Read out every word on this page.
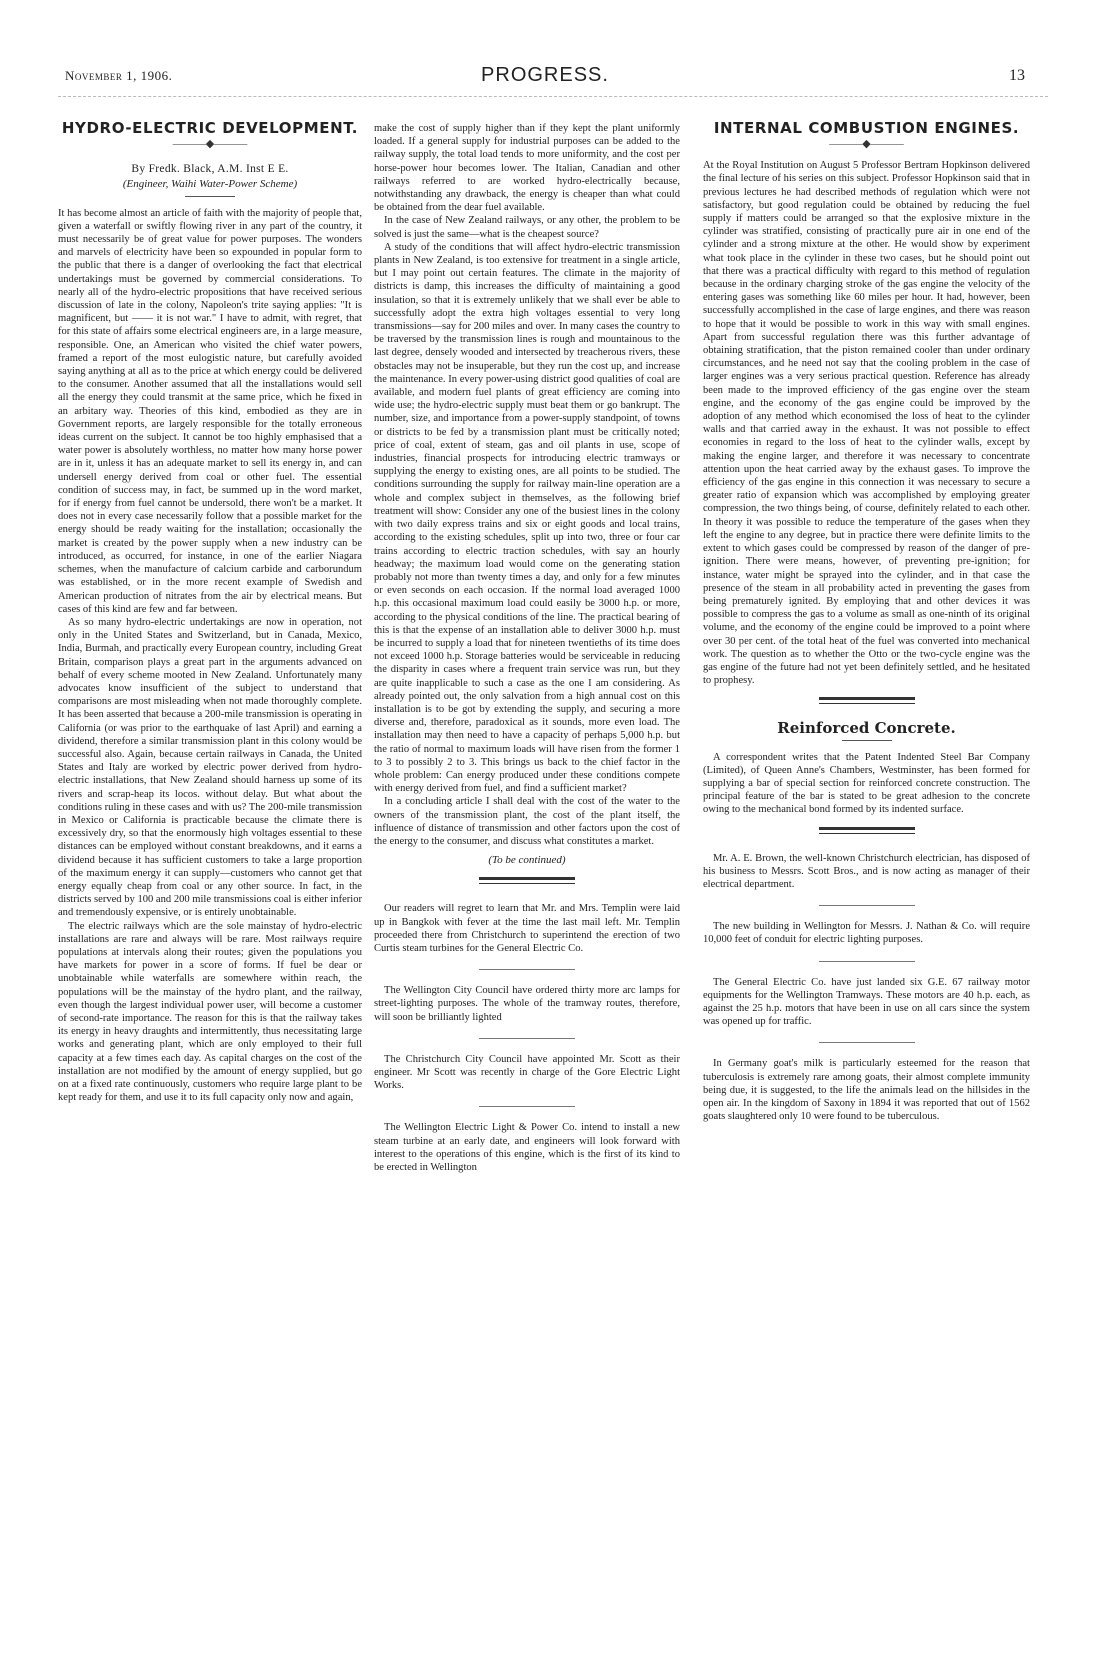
November 1, 1906.	PROGRESS.	13
HYDRO-ELECTRIC DEVELOPMENT.
———◆———
By Fredk. Black, A.M. Inst E E.
(Engineer, Waihi Water-Power Scheme)

It has become almost an article of faith with the majority of people that, given a waterfall or swiftly flowing river in any part of the country, it must necessarily be of great value for power purposes. The wonders and marvels of electricity have been so expounded in popular form to the public that there is a danger of overlooking the fact that electrical undertakings must be governed by commercial considerations. To nearly all of the hydro-electric propositions that have received serious discussion of late in the colony, Napoleon's trite saying applies: "It is magnificent, but —— it is not war." I have to admit, with regret, that for this state of affairs some electrical engineers are, in a large measure, responsible. One, an American who visited the chief water powers, framed a report of the most eulogistic nature, but carefully avoided saying anything at all as to the price at which energy could be delivered to the consumer. Another assumed that all the installations would sell all the energy they could transmit at the same price, which he fixed in an arbitary way. Theories of this kind, embodied as they are in Government reports, are largely responsible for the totally erroneous ideas current on the subject. It cannot be too highly emphasised that a water power is absolutely worthless, no matter how many horse power are in it, unless it has an adequate market to sell its energy in, and can undersell energy derived from coal or other fuel. The essential condition of success may, in fact, be summed up in the word market, for if energy from fuel cannot be undersold, there won't be a market. It does not in every case necessarily follow that a possible market for the energy should be ready waiting for the installation; occasionally the market is created by the power supply when a new industry can be introduced, as occurred, for instance, in one of the earlier Niagara schemes, when the manufacture of calcium carbide and carborundum was established, or in the more recent example of Swedish and American production of nitrates from the air by electrical means. But cases of this kind are few and far between.

As so many hydro-electric undertakings are now in operation, not only in the United States and Switzerland, but in Canada, Mexico, India, Burmah, and practically every European country, including Great Britain, comparison plays a great part in the arguments advanced on behalf of every scheme mooted in New Zealand. Unfortunately many advocates know insufficient of the subject to understand that comparisons are most misleading when not made thoroughly complete. It has been asserted that because a 200-mile transmission is operating in California (or was prior to the earthquake of last April) and earning a dividend, therefore a similar transmission plant in this colony would be successful also. Again, because certain railways in Canada, the United States and Italy are worked by electric power derived from hydro-electric installations, that New Zealand should harness up some of its rivers and scrap-heap its locos. without delay. But what about the conditions ruling in these cases and with us? The 200-mile transmission in Mexico or California is practicable because the climate there is excessively dry, so that the enormously high voltages essential to these distances can be employed without constant breakdowns, and it earns a dividend because it has sufficient customers to take a large proportion of the maximum energy it can supply—customers who cannot get that energy equally cheap from coal or any other source. In fact, in the districts served by 100 and 200 mile transmissions coal is either inferior and tremendously expensive, or is entirely unobtainable.

The electric railways which are the sole mainstay of hydro-electric installations are rare and always will be rare. Most railways require populations at intervals along their routes; given the populations you have markets for power in a score of forms. If fuel be dear or unobtainable while waterfalls are somewhere within reach, the populations will be the mainstay of the hydro plant, and the railway, even though the largest individual power user, will become a customer of second-rate importance. The reason for this is that the railway takes its energy in heavy draughts and intermittently, thus necessitating large works and generating plant, which are only employed to their full capacity at a few times each day. As capital charges on the cost of the installation are not modified by the amount of energy supplied, but go on at a fixed rate continuously, customers who require large plant to be kept ready for them, and use it to its full capacity only now and again,

make the cost of supply higher than if they kept the plant uniformly loaded. If a general supply for industrial purposes can be added to the railway supply, the total load tends to more uniformity, and the cost per horse-power hour becomes lower. The Italian, Canadian and other railways referred to are worked hydro-electrically because, notwithstanding any drawback, the energy is cheaper than what could be obtained from the dear fuel available.

In the case of New Zealand railways, or any other, the problem to be solved is just the same—what is the cheapest source?

A study of the conditions that will affect hydro-electric transmission plants in New Zealand, is too extensive for treatment in a single article, but I may point out certain features. The climate in the majority of districts is damp, this increases the difficulty of maintaining a good insulation, so that it is extremely unlikely that we shall ever be able to successfully adopt the extra high voltages essential to very long transmissions—say for 200 miles and over. In many cases the country to be traversed by the transmission lines is rough and mountainous to the last degree, densely wooded and intersected by treacherous rivers, these obstacles may not be insuperable, but they run the cost up, and increase the maintenance. In every power-using district good qualities of coal are available, and modern fuel plants of great efficiency are coming into wide use; the hydro-electric supply must beat them or go bankrupt. The number, size, and importance from a power-supply standpoint, of towns or districts to be fed by a transmission plant must be critically noted; price of coal, extent of steam, gas and oil plants in use, scope of industries, financial prospects for introducing electric tramways or supplying the energy to existing ones, are all points to be studied. The conditions surrounding the supply for railway main-line operation are a whole and complex subject in themselves, as the following brief treatment will show: Consider any one of the busiest lines in the colony with two daily express trains and six or eight goods and local trains, according to the existing schedules, split up into two, three or four car trains according to electric traction schedules, with say an hourly headway; the maximum load would come on the generating station probably not more than twenty times a day, and only for a few minutes or even seconds on each occasion. If the normal load averaged 1000 h.p. this occasional maximum load could easily be 3000 h.p. or more, according to the physical conditions of the line. The practical bearing of this is that the expense of an installation able to deliver 3000 h.p. must be incurred to supply a load that for nineteen twentieths of its time does not exceed 1000 h.p. Storage batteries would be serviceable in reducing the disparity in cases where a frequent train service was run, but they are quite inapplicable to such a case as the one I am considering. As already pointed out, the only salvation from a high annual cost on this installation is to be got by extending the supply, and securing a more diverse and, therefore, paradoxical as it sounds, more even load. The installation may then need to have a capacity of perhaps 5,000 h.p. but the ratio of normal to maximum loads will have risen from the former 1 to 3 to possibly 2 to 3. This brings us back to the chief factor in the whole problem: Can energy produced under these conditions compete with energy derived from fuel, and find a sufficient market?

In a concluding article I shall deal with the cost of the water to the owners of the transmission plant, the cost of the plant itself, the influence of distance of transmission and other factors upon the cost of the energy to the consumer, and discuss what constitutes a market.

(To be continued)

Our readers will regret to learn that Mr. and Mrs. Templin were laid up in Bangkok with fever at the time the last mail left. Mr. Templin proceeded there from Christchurch to superintend the erection of two Curtis steam turbines for the General Electric Co.

The Wellington City Council have ordered thirty more arc lamps for street-lighting purposes. The whole of the tramway routes, therefore, will soon be brilliantly lighted

The Christchurch City Council have appointed Mr. Scott as their engineer. Mr Scott was recently in charge of the Gore Electric Light Works.

The Wellington Electric Light & Power Co. intend to install a new steam turbine at an early date, and engineers will look forward with interest to the operations of this engine, which is the first of its kind to be erected in Wellington

INTERNAL COMBUSTION ENGINES.
———◆———

At the Royal Institution on August 5 Professor Bertram Hopkinson delivered the final lecture of his series on this subject. Professor Hopkinson said that in previous lectures he had described methods of regulation which were not satisfactory, but good regulation could be obtained by reducing the fuel supply if matters could be arranged so that the explosive mixture in the cylinder was stratified, consisting of practically pure air in one end of the cylinder and a strong mixture at the other. He would show by experiment what took place in the cylinder in these two cases, but he should point out that there was a practical difficulty with regard to this method of regulation because in the ordinary charging stroke of the gas engine the velocity of the entering gases was something like 60 miles per hour. It had, however, been successfully accomplished in the case of large engines, and there was reason to hope that it would be possible to work in this way with small engines. Apart from successful regulation there was this further advantage of obtaining stratification, that the piston remained cooler than under ordinary circumstances, and he need not say that the cooling problem in the case of larger engines was a very serious practical question. Reference has already been made to the improved efficiency of the gas engine over the steam engine, and the economy of the gas engine could be improved by the adoption of any method which economised the loss of heat to the cylinder walls and that carried away in the exhaust. It was not possible to effect economies in regard to the loss of heat to the cylinder walls, except by making the engine larger, and therefore it was necessary to concentrate attention upon the heat carried away by the exhaust gases. To improve the efficiency of the gas engine in this connection it was necessary to secure a greater ratio of expansion which was accomplished by employing greater compression, the two things being, of course, definitely related to each other. In theory it was possible to reduce the temperature of the gases when they left the engine to any degree, but in practice there were definite limits to the extent to which gases could be compressed by reason of the danger of pre-ignition. There were means, however, of preventing pre-ignition; for instance, water might be sprayed into the cylinder, and in that case the presence of the steam in all probability acted in preventing the gases from being prematurely ignited. By employing that and other devices it was possible to compress the gas to a volume as small as one-ninth of its original volume, and the economy of the engine could be improved to a point where over 30 per cent. of the total heat of the fuel was converted into mechanical work. The question as to whether the Otto or the two-cycle engine was the gas engine of the future had not yet been definitely settled, and he hesitated to prophesy.

Reinforced Concrete.

A correspondent writes that the Patent Indented Steel Bar Company (Limited), of Queen Anne's Chambers, Westminster, has been formed for supplying a bar of special section for reinforced concrete construction. The principal feature of the bar is stated to be great adhesion to the concrete owing to the mechanical bond formed by its indented surface.

Mr. A. E. Brown, the well-known Christchurch electrician, has disposed of his business to Messrs. Scott Bros., and is now acting as manager of their electrical department.

The new building in Wellington for Messrs. J. Nathan & Co. will require 10,000 feet of conduit for electric lighting purposes.

The General Electric Co. have just landed six G.E. 67 railway motor equipments for the Wellington Tramways. These motors are 40 h.p. each, as against the 25 h.p. motors that have been in use on all cars since the system was opened up for traffic.

In Germany goat's milk is particularly esteemed for the reason that tuberculosis is extremely rare among goats, their almost complete immunity being due, it is suggested, to the life the animals lead on the hillsides in the open air. In the kingdom of Saxony in 1894 it was reported that out of 1562 goats slaughtered only 10 were found to be tuberculous.
